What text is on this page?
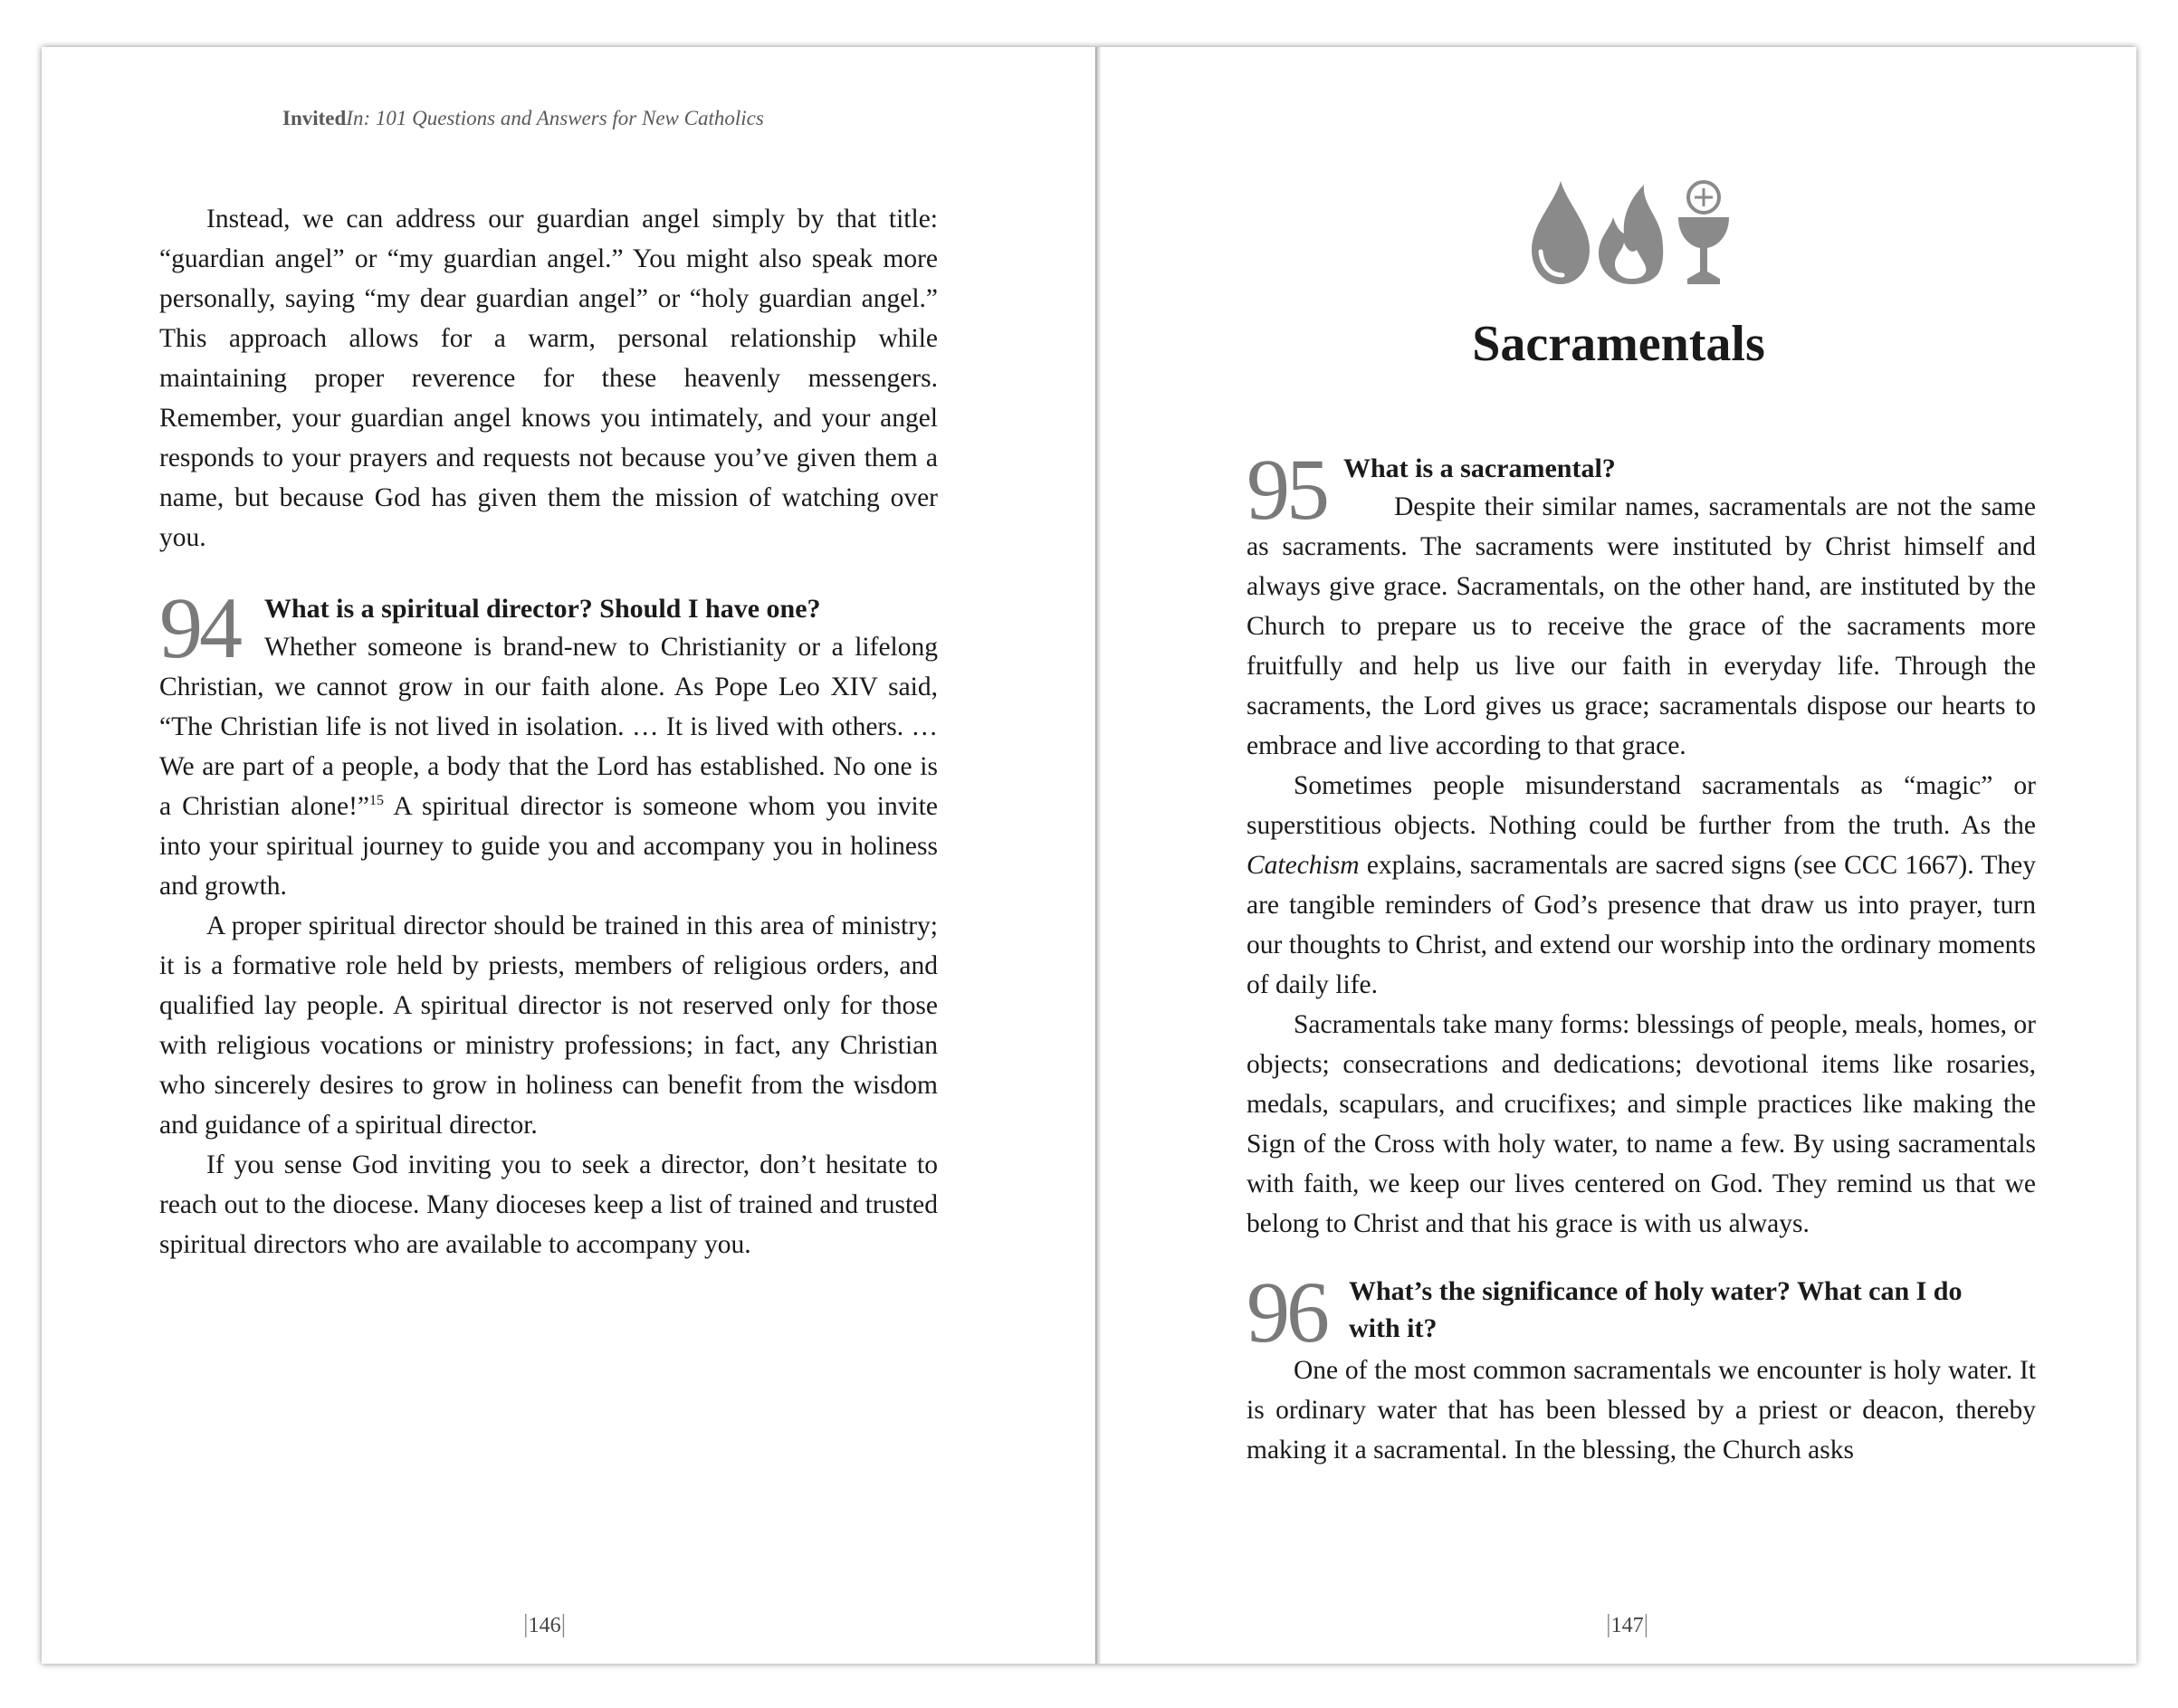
InvitedIn: 101 Questions and Answers for New Catholics

Instead, we can address our guardian angel simply by that title: “guardian angel” or “my guardian angel.” You might also speak more personally, saying “my dear guardian angel” or “holy guardian angel.” This approach allows for a warm, personal relationship while maintaining proper reverence for these heavenly messengers. Remember, your guardian angel knows you intimately, and your angel responds to your prayers and requests not because you’ve given them a name, but because God has given them the mission of watching over you.

94 What is a spiritual director? Should I have one?

Whether someone is brand-new to Christianity or a lifelong Christian, we cannot grow in our faith alone. As Pope Leo XIV said, “The Christian life is not lived in isolation. … It is lived with others. … We are part of a people, a body that the Lord has established. No one is a Christian alone!”$^{15}$ A spiritual director is someone whom you invite into your spiritual journey to guide you and accompany you in holiness and growth.

A proper spiritual director should be trained in this area of ministry; it is a formative role held by priests, members of religious orders, and qualified lay people. A spiritual director is not reserved only for those with religious vocations or ministry professions; in fact, any Christian who sincerely desires to grow in holiness can benefit from the wisdom and guidance of a spiritual director.

If you sense God inviting you to seek a director, don’t hesitate to reach out to the diocese. Many dioceses keep a list of trained and trusted spiritual directors who are available to accompany you.

|146|
Sacramentals
95 What is a sacramental?

Despite their similar names, sacramentals are not the same as sacraments. The sacraments were instituted by Christ himself and always give grace. Sacramentals, on the other hand, are instituted by the Church to prepare us to receive the grace of the sacraments more fruitfully and help us live our faith in everyday life. Through the sacraments, the Lord gives us grace; sacramentals dispose our hearts to embrace and live according to that grace.

Sometimes people misunderstand sacramentals as “magic” or superstitious objects. Nothing could be further from the truth. As the Catechism explains, sacramentals are sacred signs (see CCC 1667). They are tangible reminders of God’s presence that draw us into prayer, turn our thoughts to Christ, and extend our worship into the ordinary moments of daily life.

Sacramentals take many forms: blessings of people, meals, homes, or objects; consecrations and dedications; devotional items like rosaries, medals, scapulars, and crucifixes; and simple practices like making the Sign of the Cross with holy water, to name a few. By using sacramentals with faith, we keep our lives centered on God. They remind us that we belong to Christ and that his grace is with us always.

96 What’s the significance of holy water? What can I do with it?

One of the most common sacramentals we encounter is holy water. It is ordinary water that has been blessed by a priest or deacon, thereby making it a sacramental. In the blessing, the Church asks

|147|
